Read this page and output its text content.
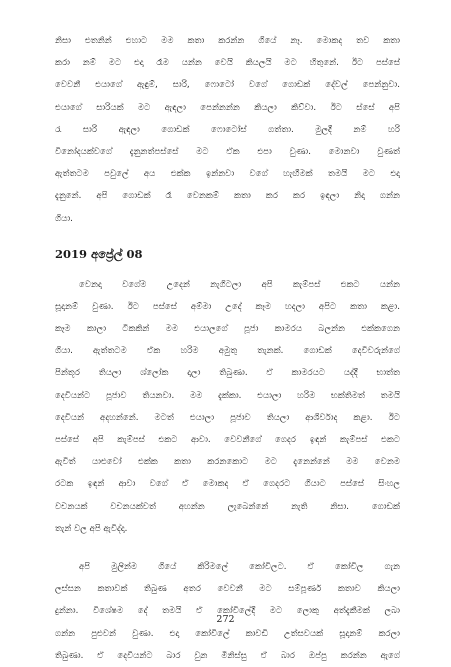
නිසා එතනින් එහාට මම කතා කරන්න ගියේ නෑ. මොකද තව කතා

කරා නම් මට එදා රෑම යන්න වෙයි කියලයි මට හිතුනේ. ඊට පස්සේ

වෙවනී එයාගේ ඇඳුම්, සාරි, ෆොටෝ වගේ ගොඩක් දේවල් පෙන්නුවා.

එයාගේ සාරියක් මට ඇඳලා පෙන්නන්න කියලා කිව්වා. ඊට ස්සේ අපි

රැ සාරි ඇඳලා ගොඩක් ෆොටෝස් ගත්තා. මුලදී නම් හරි

විනෝදයක්වගේ දැනුනත්පස්සේ මට ඒක එපා වුණා. මොනවා වුණත්

ඇත්තටම පවුලේ අය එක්ක ඉන්නවා වගේ හැඟීමක් තමයි මට එදා

දැනුනේ. අපි ගොඩක් රෑ වෙනකම් කතා කර කර ඉඳලා නිදා ගන්න

ගියා.

2019 අප්‍රේල් 08

වෙනදා වගේම උදෙන් නැගිටලා අපි කැම්පස් එකට යන්න

සූදානම් වුණා. ඊට පස්සේ අම්මා උදේ කෑම හදලා අපිට කතා කළා.

කෑම කාලා ටිකකින් මම එයාලගේ පූජා කාමරය බලන්න එක්කගෙන

ගියා. ඇත්තටම ඒක හරිම අමුතු තැනක්. ගොඩක් දෙවිවරුන්ගේ

පින්තූර තියලා ශ්ලෝක දාලා තිබුණා. ඒ කාමරයට යද්දී භාත්ත

දෙවියන්ට පූජාව තියනවා. මම දැක්කා. එයාලා හරිම භක්තිමත් තමයි

දෙවියන් අදහන්නේ. මටත් එයාලා පූජාව තියලා ආශිර්වාද කළා. ඊට

පස්සේ අපි කැම්පස් එකට ආවා. වෙවනීගේ ගෙදර ඉඳන් කැම්පස් එකට

ඇවිත් යාළුවෝ එක්ක කතා කරනකොට මට දැනෙන්නේ මම වෙනම

රටක ඉඳන් ආවා වගේ ඒ මොකද ඒ ගෙදරට ගියාට පස්සේ සිංහල

වචනයක් වචනයක්වත් අහන්න ලැබෙන්නේ නැති නිසා. ගොඩක්

තැන් වල අපි ඇවිද්දා.

අපි මුලින්ම ගියේ කිරිමලේ කෝවිලට. ඒ කෝවිල ගැන

ලස්සන කතාවක් තිබුණ අතර වෙවනී මට සම්පූර්ණ කතාව කියලා

දුන්නා. විශේෂම දේ තමයි ඒ කෝවිලේදී මට ලොකු අත්දැකීමක් ලබා

ගන්න පුළුවන් වුණා. එදා කෝවිලේ කාවඩි උත්සවයක් සූදානම් කරලා

තිබුණා. ඒ දෙවියන්ට බාර වුන මිනිස්සු ඒ බාර ඔප්පු කරන්න ඇගේ

272
